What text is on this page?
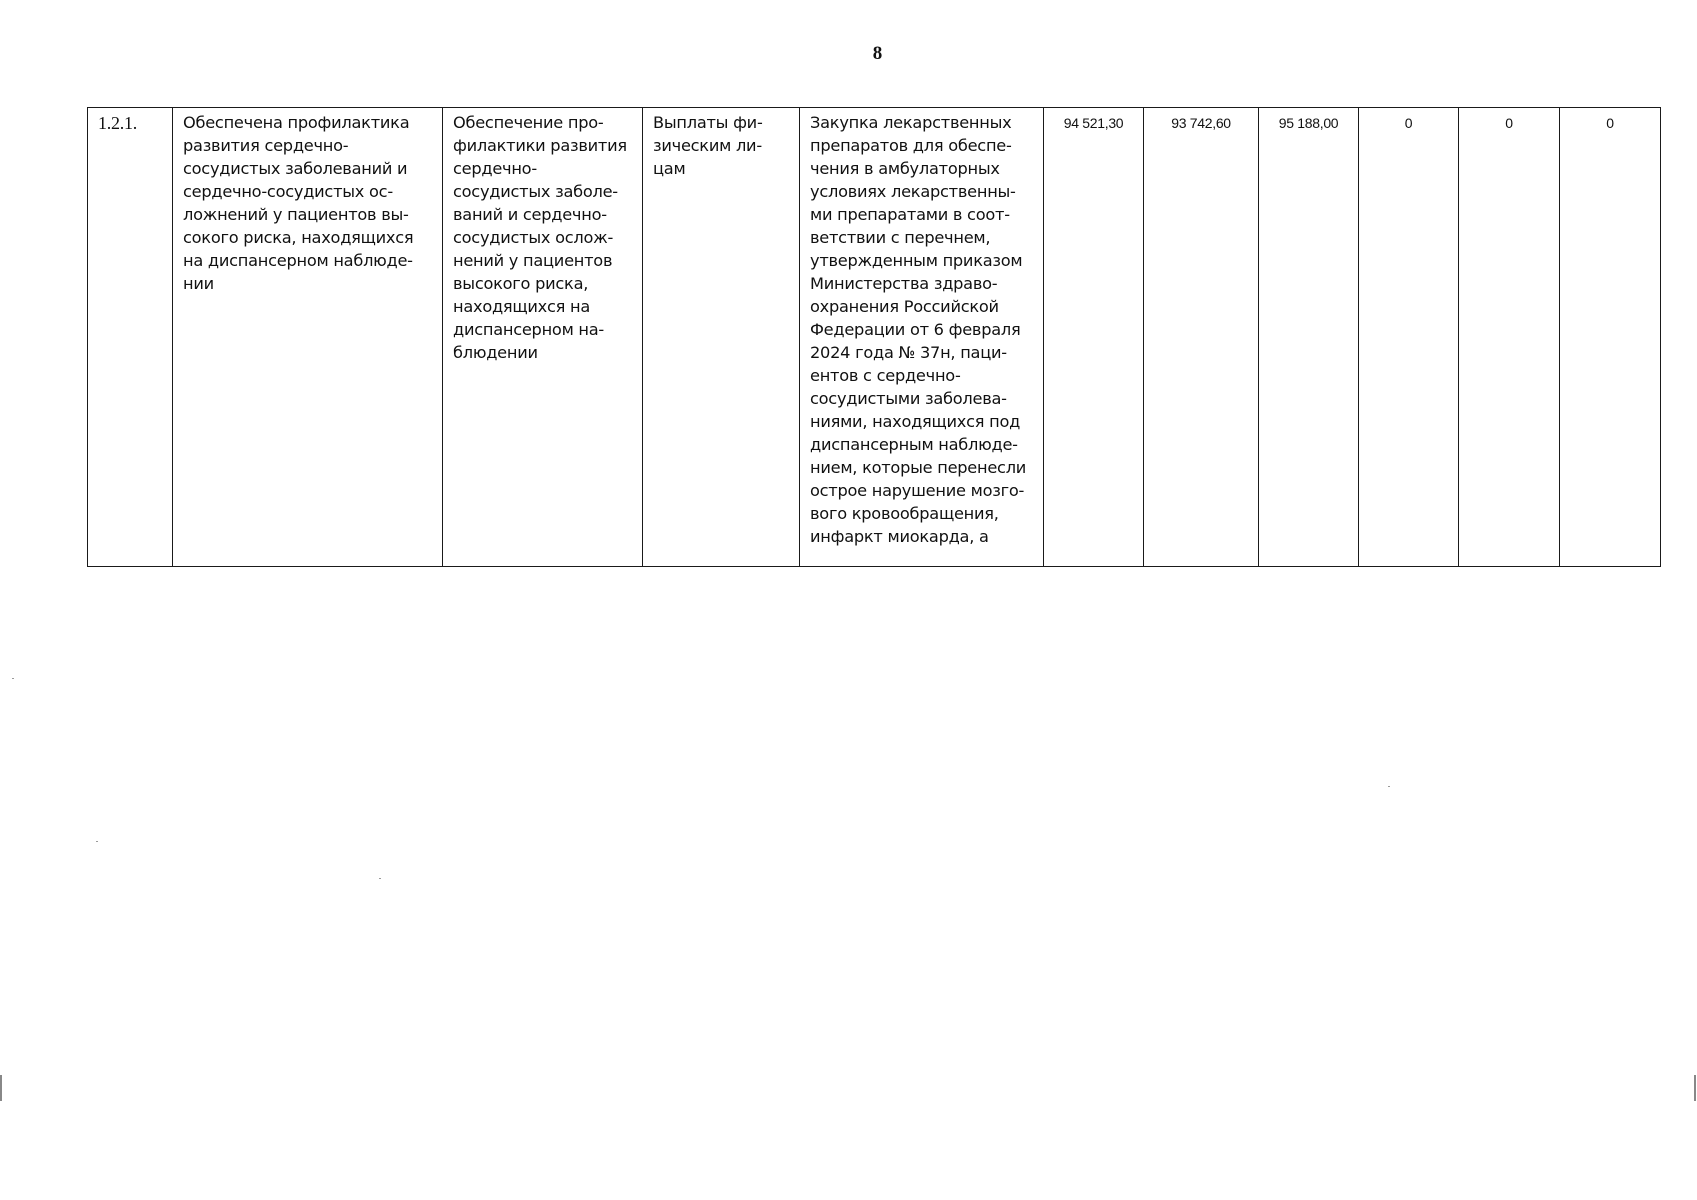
8
1.2.1.	Обеспечена профилактика
развития сердечно-
сосудистых заболеваний и
сердечно-сосудистых ос-
ложнений у пациентов вы-
сокого риска, находящихся
на диспансерном наблюде-
нии	Обеспечение про-
филактики развития
сердечно-
сосудистых заболе-
ваний и сердечно-
сосудистых ослож-
нений у пациентов
высокого риска,
находящихся на
диспансерном на-
блюдении	Выплаты фи-
зическим ли-
цам	Закупка лекарственных
препаратов для обеспе-
чения в амбулаторных
условиях лекарственны-
ми препаратами в соот-
ветствии с перечнем,
утвержденным приказом
Министерства здраво-
охранения Российской
Федерации от 6 февраля
2024 года № 37н, паци-
ентов с сердечно-
сосудистыми заболева-
ниями, находящихся под
диспансерным наблюде-
нием, которые перенесли
острое нарушение мозго-
вого кровообращения,
инфаркт миокарда, а	94 521,30	93 742,60	95 188,00	0	0	0
